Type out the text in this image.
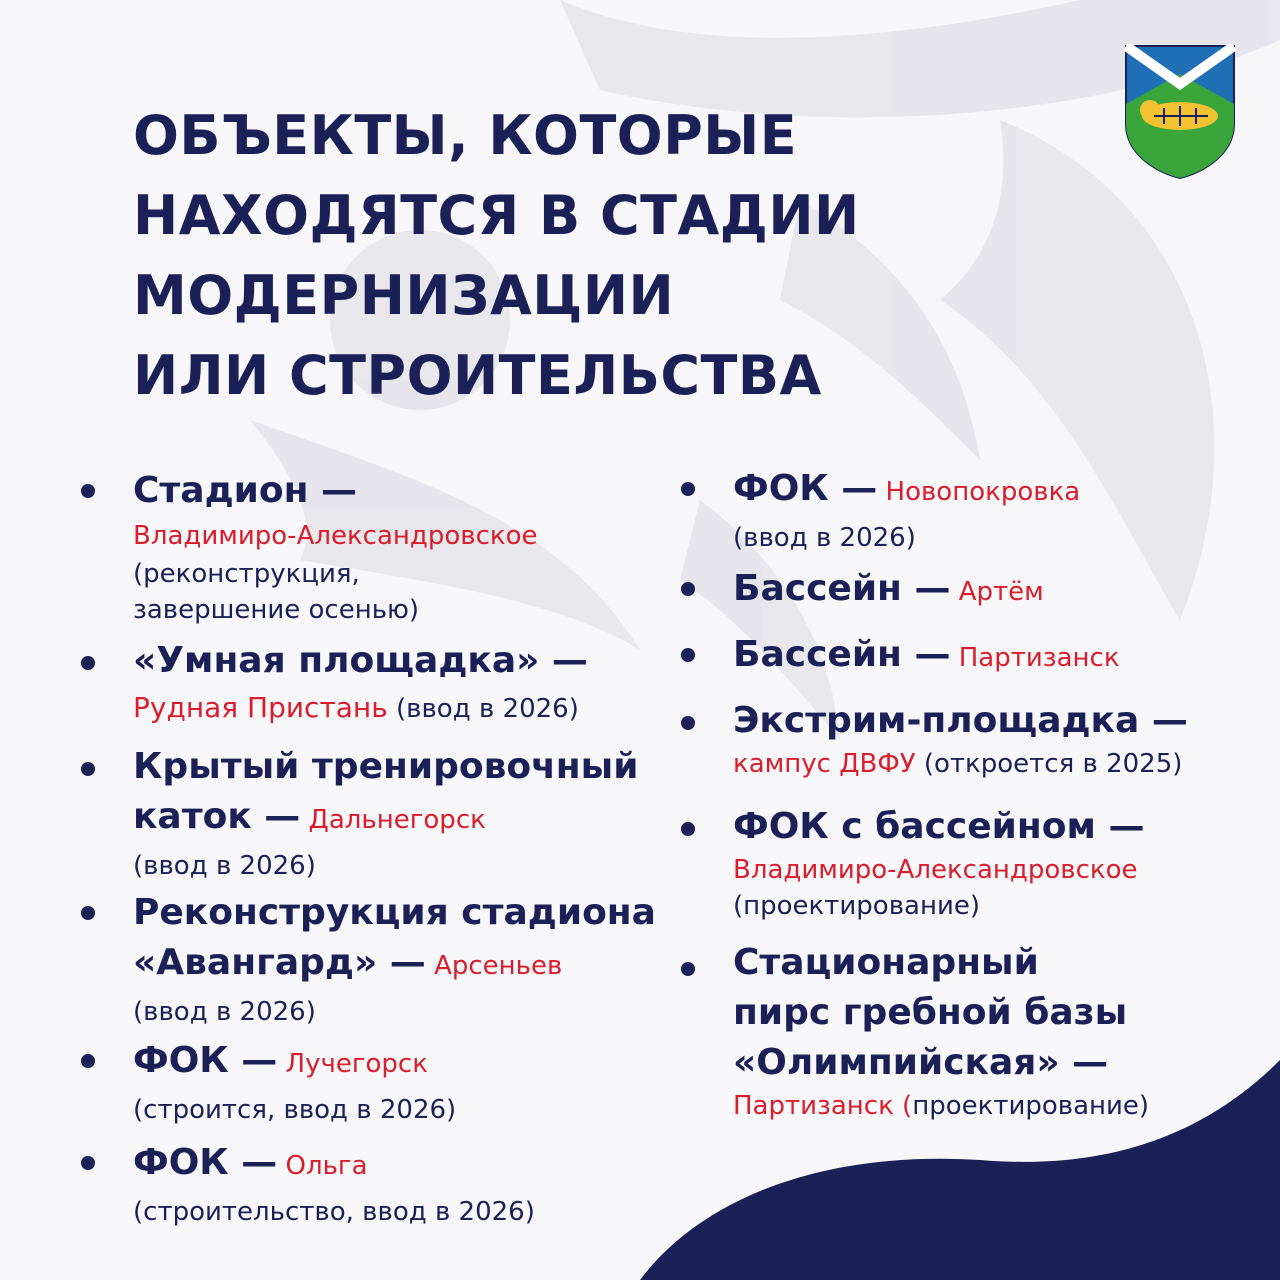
ОБЪЕКТЫ, КОТОРЫЕ
НАХОДЯТСЯ В СТАДИИ
МОДЕРНИЗАЦИИ
ИЛИ СТРОИТЕЛЬСТВА
Стадион —
Владимиро-Александровское
(реконструкция,
завершение осенью)
«Умная площадка» —
Рудная Пристань (ввод в 2026)
Крытый тренировочный
каток — Дальнегорск
(ввод в 2026)
Реконструкция стадиона
«Авангард» — Арсеньев
(ввод в 2026)
ФОК — Лучегорск
(строится, ввод в 2026)
ФОК — Ольга
(строительство, ввод в 2026)
ФОК — Новопокровка
(ввод в 2026)
Бассейн — Артём
Бассейн — Партизанск
Экстрим-площадка —
кампус ДВФУ (откроется в 2025)
ФОК с бассейном —
Владимиро-Александровское
(проектирование)
Стационарный
пирс гребной базы
«Олимпийская» —
Партизанск (проектирование)
